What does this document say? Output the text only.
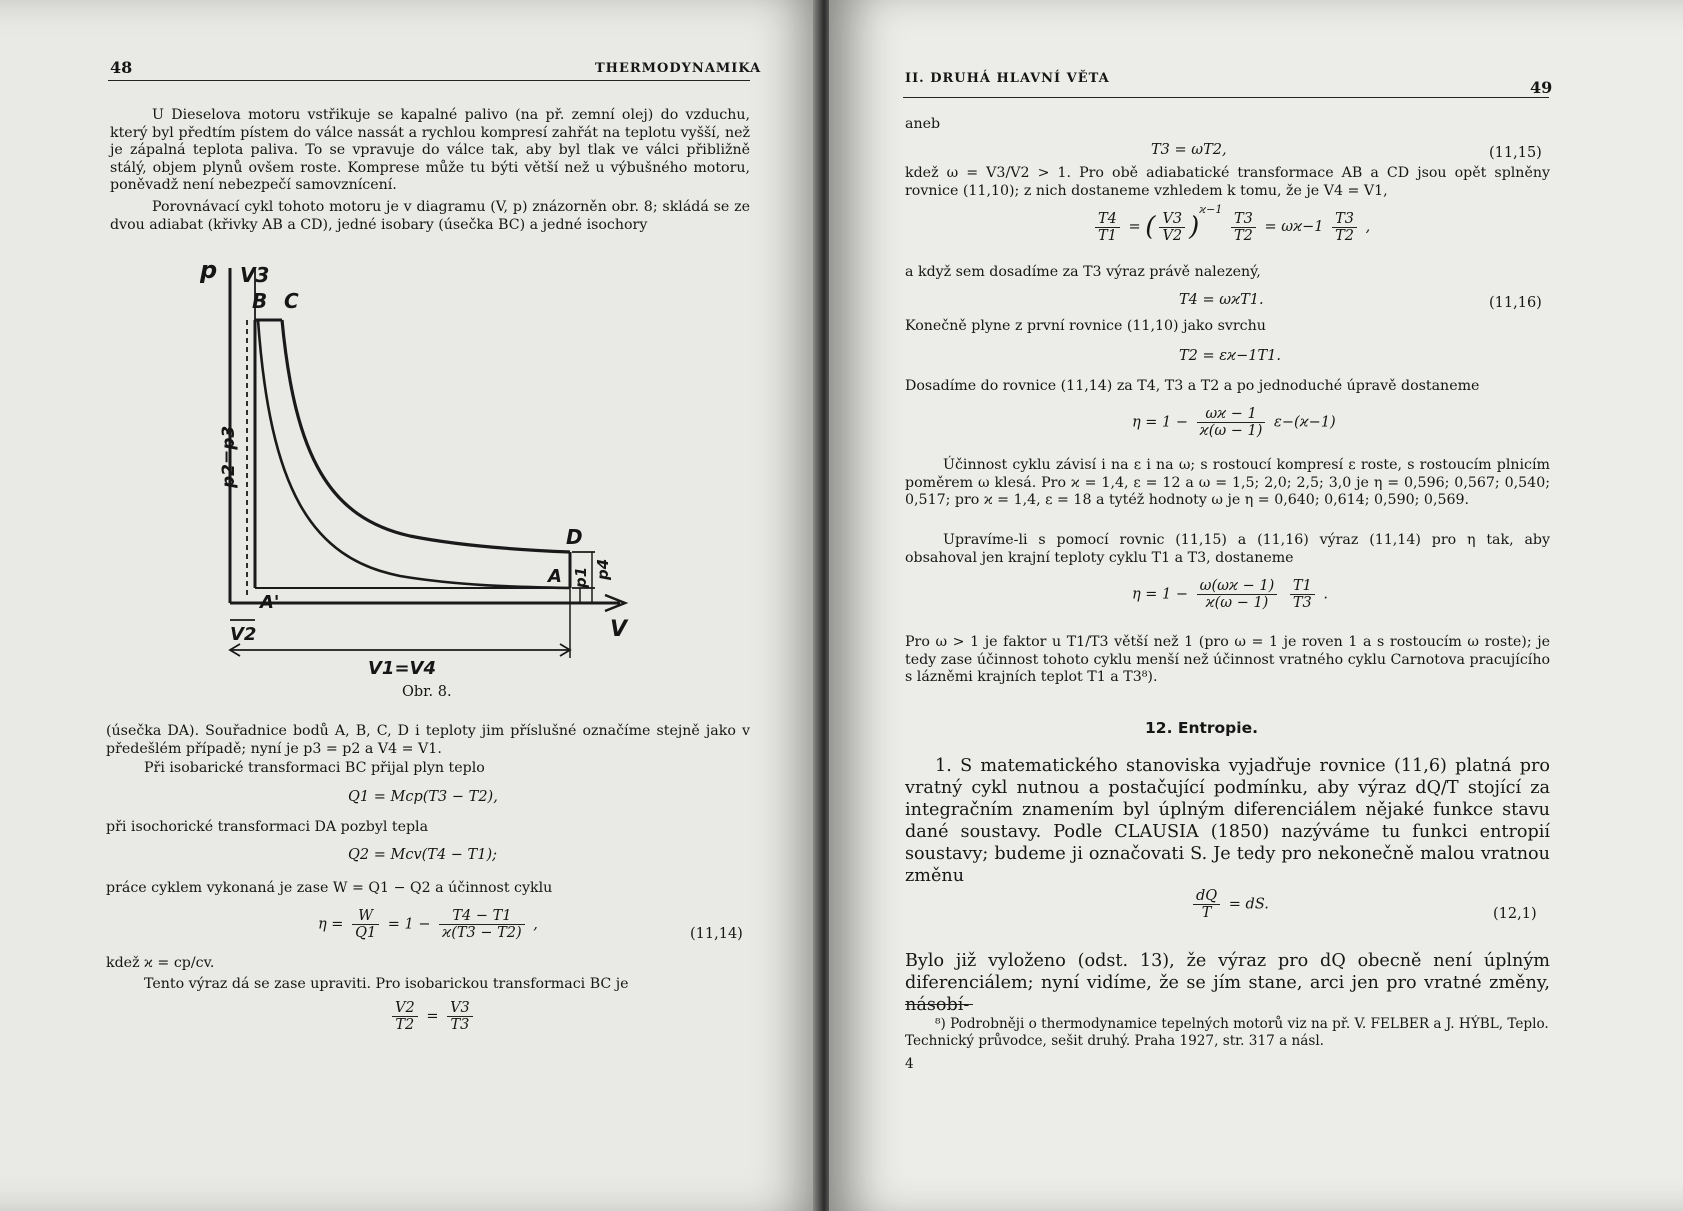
48	THERMODYNAMIKA
U Dieselova motoru vstřikuje se kapalné palivo (na př. zemní olej) do vzduchu, který byl předtím pístem do válce nassát a rychlou kompresí zahřát na teplotu vyšší, než je zápalná teplota paliva. To se vpravuje do válce tak, aby byl tlak ve válci přibližně stálý, objem plynů ovšem roste. Komprese může tu býti větší než u výbušného motoru, poněvadž není nebezpečí samovznícení.
Porovnávací cykl tohoto motoru je v diagramu (V, p) znázorněn obr. 8; skládá se ze dvou adiabat (křivky AB a CD), jedné isobary (úsečka BC) a jedné isochory
p V3
B C
D
A
A'
p2=p3
p1 p4
V2
V1=V4
V
Obr. 8.
(úsečka DA). Souřadnice bodů A, B, C, D i teploty jim příslušné označíme stejně jako v předešlém případě; nyní je p3 = p2 a V4 = V1.
Při isobarické transformaci BC přijal plyn teplo
Q1 = Mcp(T3 − T2),
při isochorické transformaci DA pozbyl tepla
Q2 = Mcv(T4 − T1);
práce cyklem vykonaná je zase W = Q1 − Q2 a účinnost cyklu
$\eta = \frac{W}{Q1} = 1 - \frac{T4 - T1}{ϰ(T3 - T2)}$ ,
(11,14)
kdež ϰ = cp/cv.
Tento výraz dá se zase upraviti. Pro isobarickou transformaci BC je
$\frac{V2}{T2} = \frac{V3}{T3}$
II. DRUHÁ HLAVNÍ VĚTA	49
aneb
T3 = ωT2,	(11,15)
kdež ω = V3/V2 > 1. Pro obě adiabatické transformace AB a CD jsou opět splněny rovnice (11,10); z nich dostaneme vzhledem k tomu, že je V4 = V1,
$\frac{T4}{T1}$ = ( $\frac{V3}{V2} )^{ϰ-1}$
$\frac{T3}{T2} = \omega ϰ-1 \frac{T3}{T2}$ ,
a když sem dosadíme za T3 výraz právě nalezený,
T4 = ωϰT1.	(11,16)
Konečně plyne z první rovnice (11,10) jako svrchu
T2 = εϰ−1T1.
Dosadíme do rovnice (11,14) za T4, T3 a T2 a po jednoduché úpravě dostaneme
$\eta = 1 - \frac{\omega ϰ - 1}{ϰ(\omega - 1)} \varepsilon-(ϰ-1)$
Účinnost cyklu závisí i na ε i na ω; s rostoucí kompresí ε roste, s rostoucím plnicím poměrem ω klesá. Pro ϰ = 1,4, ε = 12 a ω = 1,5; 2,0; 2,5; 3,0 je η = 0,596; 0,567; 0,540; 0,517; pro ϰ = 1,4, ε = 18 a tytéž hodnoty ω je η = 0,640; 0,614; 0,590; 0,569.
Upravíme-li s pomocí rovnic (11,15) a (11,16) výraz (11,14) pro η tak, aby obsahoval jen krajní teploty cyklu T1 a T3, dostaneme
$\eta = 1 - \frac{\omega(\omega ϰ - 1)}{ϰ(\omega - 1)}$
$\frac{T1}{T3}$ .
Pro ω > 1 je faktor u T1/T3 větší než 1 (pro ω = 1 je roven 1 a s rostoucím ω roste); je tedy zase účinnost tohoto cyklu menší než účinnost vratného cyklu Carnotova pracujícího s lázněmi krajních teplot T1 a T3⁸).
12. Entropie.
1. S matematického stanoviska vyjadřuje rovnice (11,6) platná pro vratný cykl nutnou a postačující podmínku, aby výraz dQ/T stojící za integračním znamením byl úplným diferenciálem nějaké funkce stavu dané soustavy. Podle CLAUSIA (1850) nazýváme tu funkci entropií soustavy; budeme ji označovati S. Je tedy pro nekonečně malou vratnou změnu
$\frac{dQ}{T}$ = dS.
(12,1)
Bylo již vyloženo (odst. 13), že výraz pro dQ obecně není úplným diferenciálem; nyní vidíme, že se jím stane, arci jen pro vratné změny, násobí-
⁸) Podrobněji o thermodynamice tepelných motorů viz na př. V. FELBER a J. HÝBL, Teplo. Technický průvodce, sešit druhý. Praha 1927, str. 317 a násl.
4
